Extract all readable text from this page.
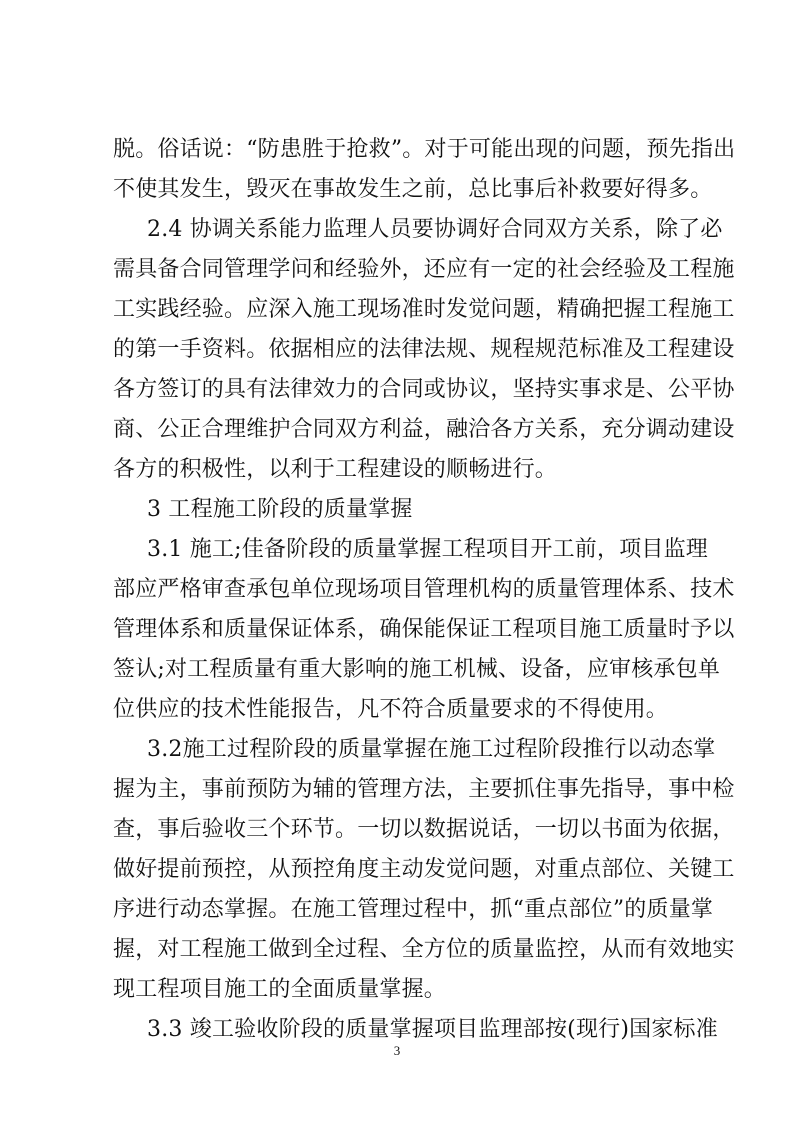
脱。俗话说：“防患胜于抢救”。对于可能出现的问题，预先指出
不使其发生，毁灭在事故发生之前，总比事后补救要好得多。
2.4 协调关系能力监理人员要协调好合同双方关系，除了必
需具备合同管理学问和经验外，还应有一定的社会经验及工程施
工实践经验。应深入施工现场准时发觉问题，精确把握工程施工
的第一手资料。依据相应的法律法规、规程规范标准及工程建设
各方签订的具有法律效力的合同或协议，坚持实事求是、公平协
商、公正合理维护合同双方利益，融洽各方关系，充分调动建设
各方的积极性，以利于工程建设的顺畅进行。
3 工程施工阶段的质量掌握
3.1 施工;佳备阶段的质量掌握工程项目开工前，项目监理
部应严格审查承包单位现场项目管理机构的质量管理体系、技术
管理体系和质量保证体系，确保能保证工程项目施工质量时予以
签认;对工程质量有重大影响的施工机械、设备，应审核承包单
位供应的技术性能报告，凡不符合质量要求的不得使用。
3.2施工过程阶段的质量掌握在施工过程阶段推行以动态掌
握为主，事前预防为辅的管理方法，主要抓住事先指导，事中检
查，事后验收三个环节。一切以数据说话，一切以书面为依据，
做好提前预控，从预控角度主动发觉问题，对重点部位、关键工
序进行动态掌握。在施工管理过程中，抓“重点部位”的质量掌
握，对工程施工做到全过程、全方位的质量监控，从而有效地实
现工程项目施工的全面质量掌握。
3.3 竣工验收阶段的质量掌握项目监理部按(现行)国家标准
3
